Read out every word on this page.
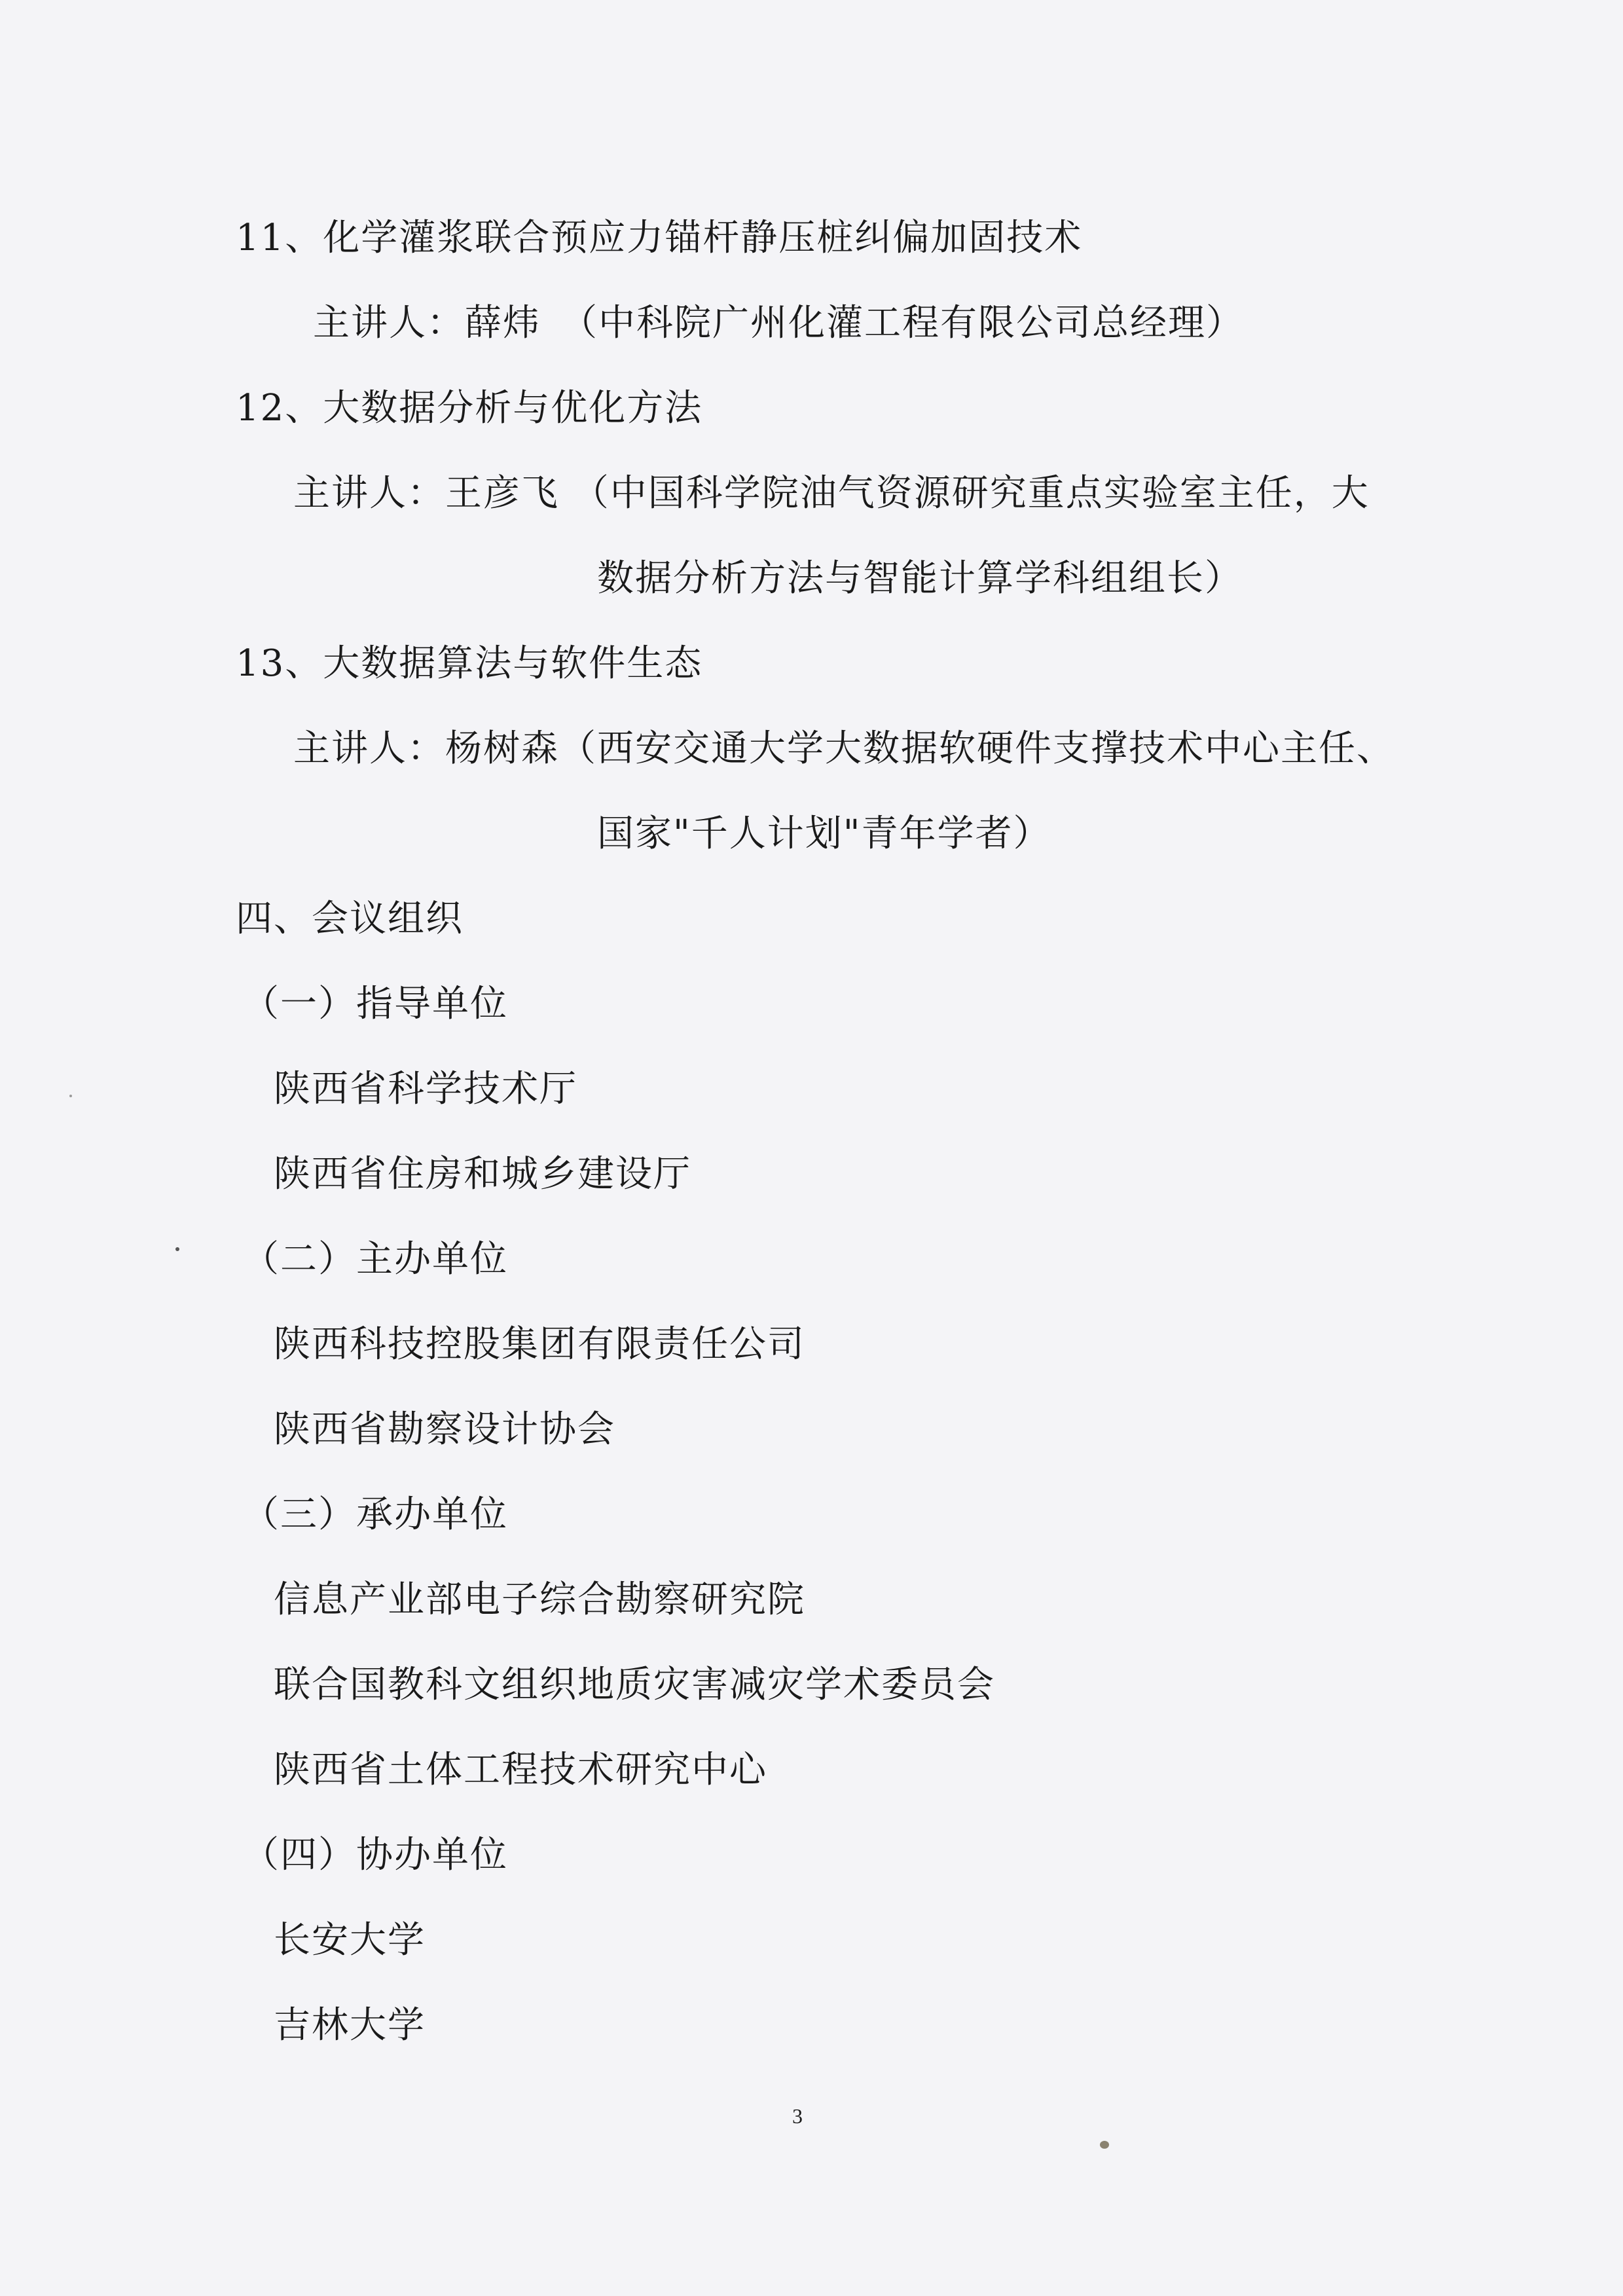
11、化学灌浆联合预应力锚杆静压桩纠偏加固技术
主讲人：薛炜　（中科院广州化灌工程有限公司总经理）
12、大数据分析与优化方法
主讲人：王彦飞 （中国科学院油气资源研究重点实验室主任，大
数据分析方法与智能计算学科组组长）
13、大数据算法与软件生态
主讲人：杨树森（西安交通大学大数据软硬件支撑技术中心主任、
国家"千人计划"青年学者）
四、会议组织
（一）指导单位
陕西省科学技术厅
陕西省住房和城乡建设厅
（二）主办单位
陕西科技控股集团有限责任公司
陕西省勘察设计协会
（三）承办单位
信息产业部电子综合勘察研究院
联合国教科文组织地质灾害减灾学术委员会
陕西省土体工程技术研究中心
（四）协办单位
长安大学
吉林大学
3
